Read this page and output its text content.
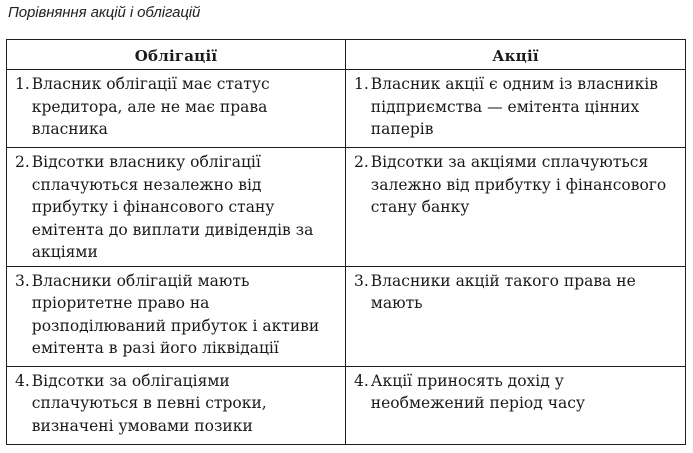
Порівняння акцій і облігацій
Облігації	Акції

1. Власник облігації має статус кредитора, але не має права власника	1. Власник акції є одним із власників підприємства — емітента цінних паперів

2. Відсотки власнику облігації сплачуються незалежно від прибутку і фінансового стану емітента до виплати дивідендів за акціями	2. Відсотки за акціями сплачуються залежно від прибутку і фінансового стану банку

3. Власники облігацій мають пріоритетне право на розподілюваний прибуток і активи емітента в разі його ліквідації	3. Власники акцій такого права не мають

4. Відсотки за облігаціями сплачуються в певні строки, визначені умовами позики	4. Акції приносять дохід у необмежений період часу
